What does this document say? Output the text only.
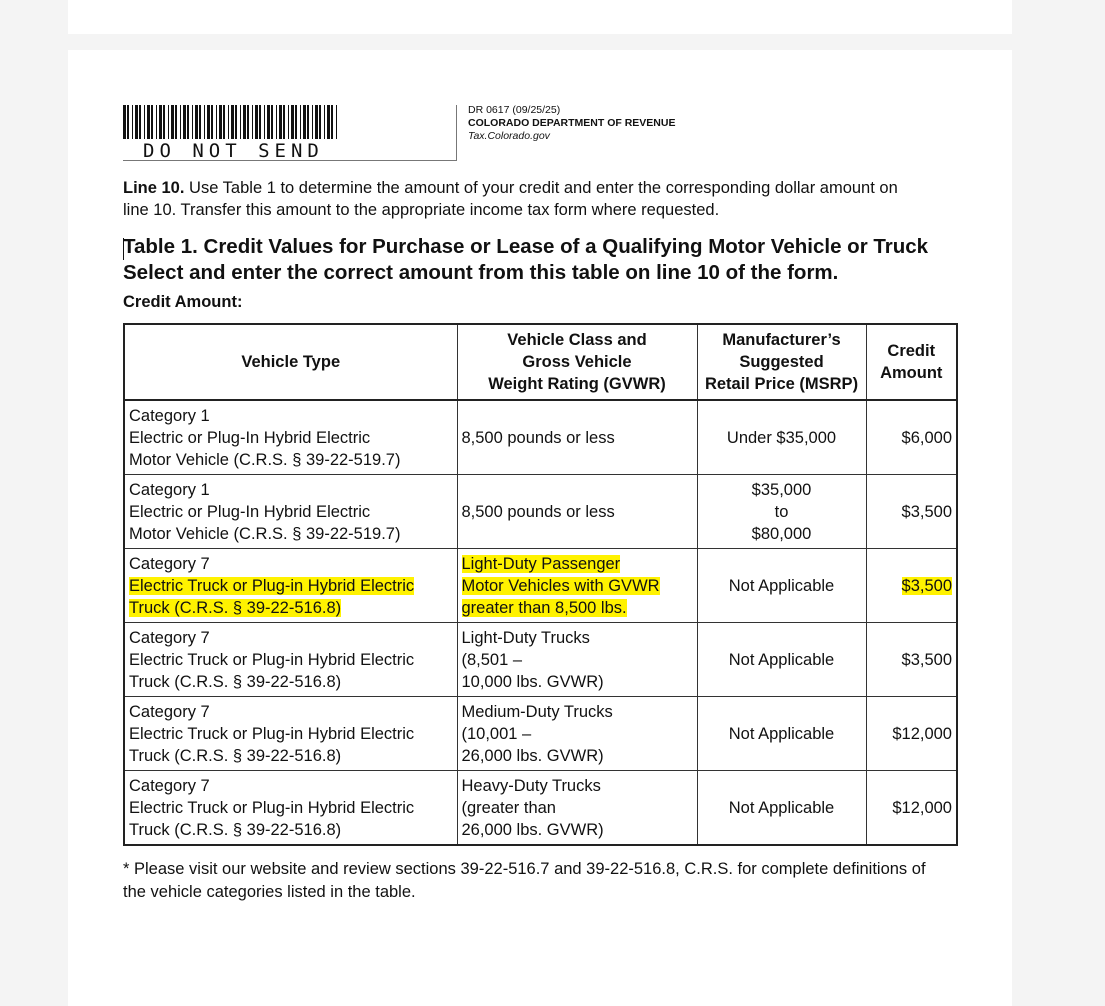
DO NOT SEND
DR 0617 (09/25/25)
COLORADO DEPARTMENT OF REVENUE
Tax.Colorado.gov
Line 10. Use Table 1 to determine the amount of your credit and enter the corresponding dollar amount on line 10. Transfer this amount to the appropriate income tax form where requested.
Table 1. Credit Values for Purchase or Lease of a Qualifying Motor Vehicle or Truck Select and enter the correct amount from this table on line 10 of the form.
Credit Amount:
Vehicle Type	Vehicle Class and
Gross Vehicle
Weight Rating (GVWR)	Manufacturer’s
Suggested
Retail Price (MSRP)	Credit
Amount

Category 1
Electric or Plug-In Hybrid Electric
Motor Vehicle (C.R.S. § 39-22-519.7)	8,500 pounds or less	Under $35,000	$6,000

Category 1
Electric or Plug-In Hybrid Electric
Motor Vehicle (C.R.S. § 39-22-519.7)	8,500 pounds or less	$35,000
to
$80,000	$3,500

Category 7
Electric Truck or Plug-in Hybrid Electric
Truck (C.R.S. § 39-22-516.8)	Light-Duty Passenger
Motor Vehicles with GVWR
greater than 8,500 lbs.	Not Applicable	$3,500

Category 7
Electric Truck or Plug-in Hybrid Electric
Truck (C.R.S. § 39-22-516.8)	Light-Duty Trucks
(8,501 –
10,000 lbs. GVWR)	Not Applicable	$3,500

Category 7
Electric Truck or Plug-in Hybrid Electric
Truck (C.R.S. § 39-22-516.8)	Medium-Duty Trucks
(10,001 –
26,000 lbs. GVWR)	Not Applicable	$12,000

Category 7
Electric Truck or Plug-in Hybrid Electric
Truck (C.R.S. § 39-22-516.8)	Heavy-Duty Trucks
(greater than
26,000 lbs. GVWR)	Not Applicable	$12,000
* Please visit our website and review sections 39-22-516.7 and 39-22-516.8, C.R.S. for complete definitions of the vehicle categories listed in the table.
